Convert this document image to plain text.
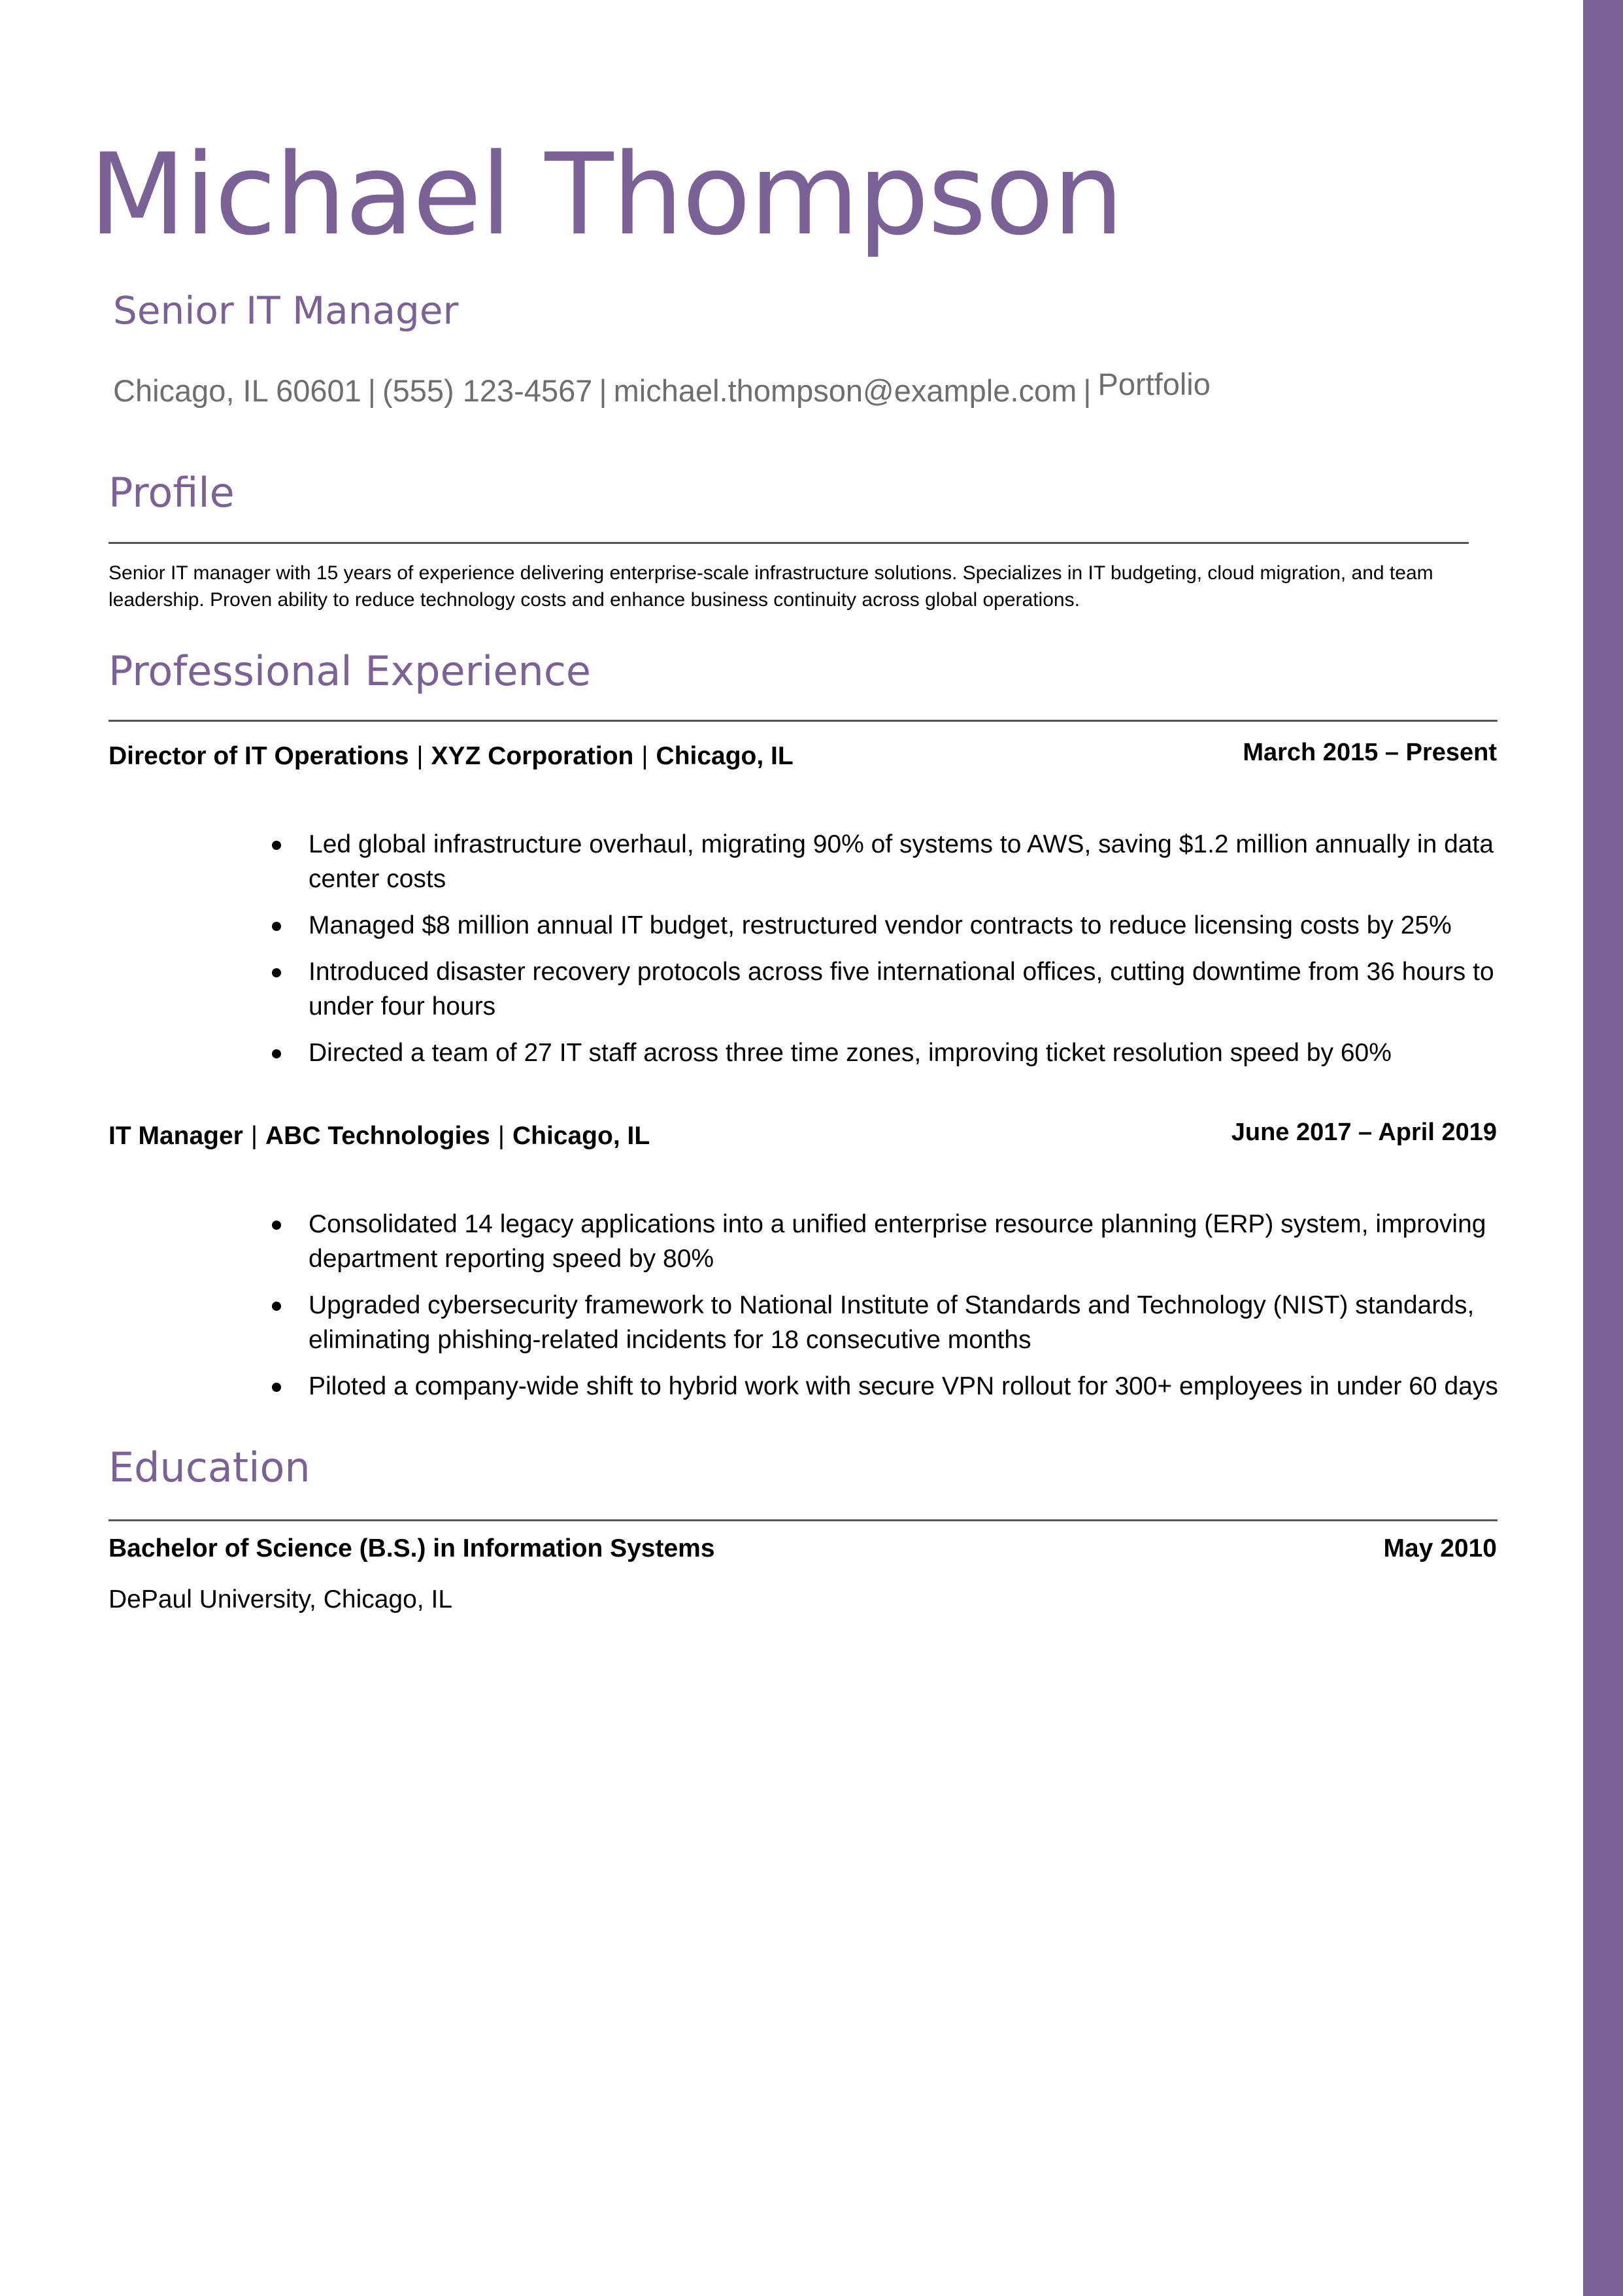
Michael Thompson
Senior IT Manager
Chicago, IL 60601 | (555) 123-4567 | michael.thompson@example.com | Portfolio
Profile

Senior IT manager with 15 years of experience delivering enterprise-scale infrastructure solutions. Specializes in IT budgeting, cloud migration, and team leadership. Proven ability to reduce technology costs and enhance business continuity across global operations.

Professional Experience
Director of IT Operations | XYZ Corporation | Chicago, IL	March 2015 – Present
Led global infrastructure overhaul, migrating 90% of systems to AWS, saving $1.2 million annually in data center costs
Managed $8 million annual IT budget, restructured vendor contracts to reduce licensing costs by 25%
Introduced disaster recovery protocols across five international offices, cutting downtime from 36 hours to under four hours
Directed a team of 27 IT staff across three time zones, improving ticket resolution speed by 60%
IT Manager | ABC Technologies | Chicago, IL	June 2017 – April 2019
Consolidated 14 legacy applications into a unified enterprise resource planning (ERP) system, improving department reporting speed by 80%
Upgraded cybersecurity framework to National Institute of Standards and Technology (NIST) standards, eliminating phishing-related incidents for 18 consecutive months
Piloted a company-wide shift to hybrid work with secure VPN rollout for 300+ employees in under 60 days
Education
Bachelor of Science (B.S.) in Information Systems	May 2010
DePaul University, Chicago, IL
